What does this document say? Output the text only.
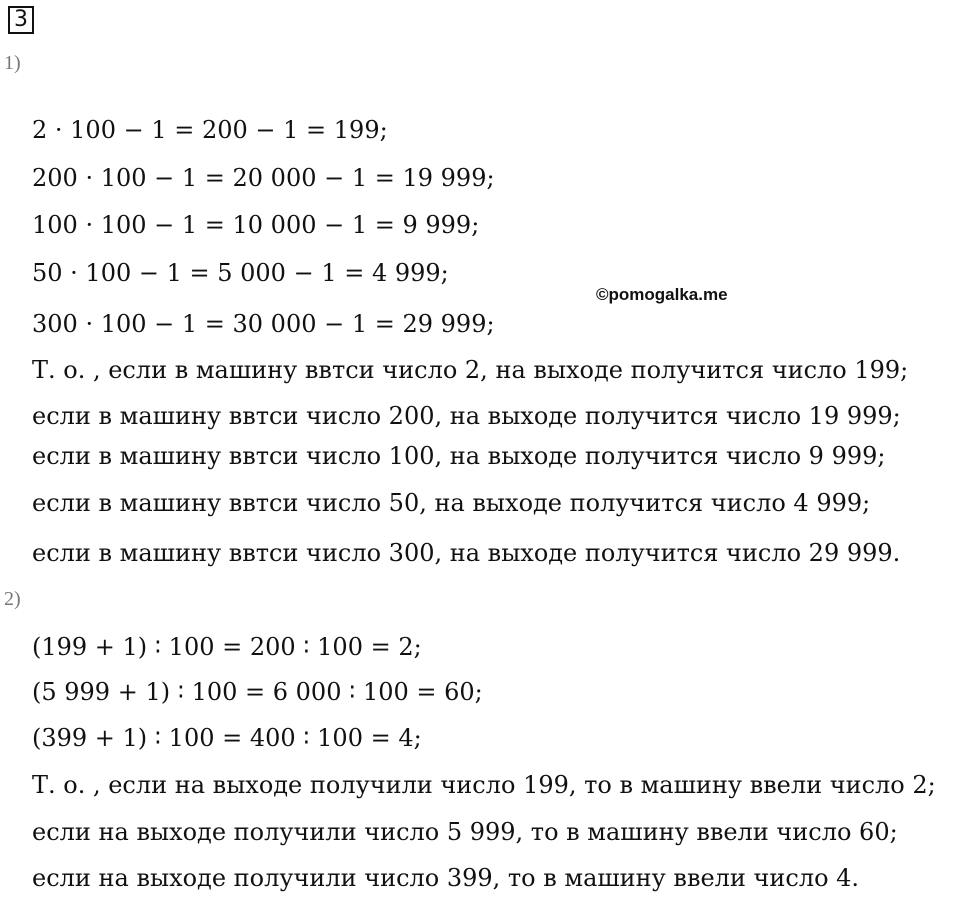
3
1)
2 · 100 − 1 = 200 − 1 = 199;
200 · 100 − 1 = 20 000 − 1 = 19 999;
100 · 100 − 1 = 10 000 − 1 = 9 999;
50 · 100 − 1 = 5 000 − 1 = 4 999;
300 · 100 − 1 = 30 000 − 1 = 29 999;
©pomogalka.me
Т. о. , если в машину ввтси число 2, на выходе получится число 199;
если в машину ввтси число 200, на выходе получится число 19 999;
если в машину ввтси число 100, на выходе получится число 9 999;
если в машину ввтси число 50, на выходе получится число 4 999;
если в машину ввтси число 300, на выходе получится число 29 999.
2)
(199 + 1) ∶ 100 = 200 ∶ 100 = 2;
(5 999 + 1) ∶ 100 = 6 000 ∶ 100 = 60;
(399 + 1) ∶ 100 = 400 ∶ 100 = 4;
Т. о. , если на выходе получили число 199, то в машину ввели число 2;
если на выходе получили число 5 999, то в машину ввели число 60;
если на выходе получили число 399, то в машину ввели число 4.
